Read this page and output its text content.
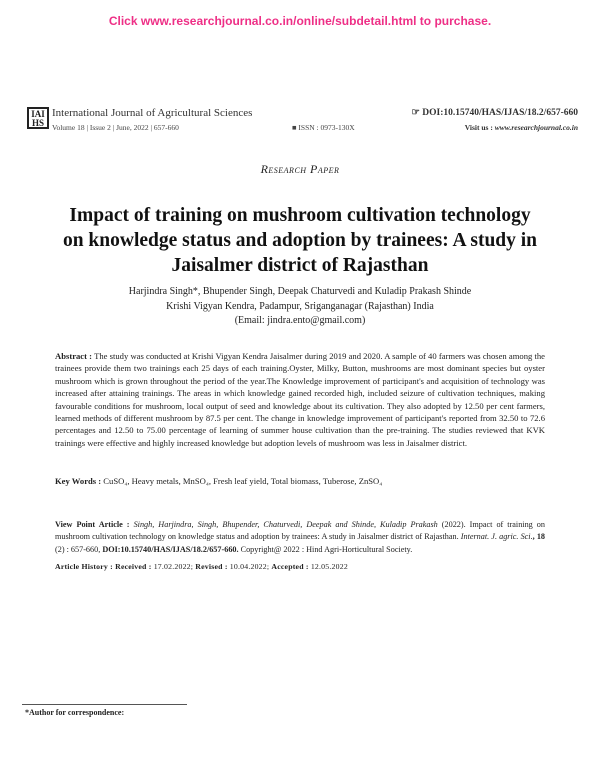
Click www.researchjournal.co.in/online/subdetail.html to purchase.
IAI
HS
International Journal of Agricultural Sciences
Volume 18 | Issue 2 | June, 2022 | 657-660	■ ISSN : 0973-130X
☞ DOI:10.15740/HAS/IJAS/18.2/657-660
Visit us : www.researchjournal.co.in
Research Paper
Impact of training on mushroom cultivation technology on knowledge status and adoption by trainees: A study in Jaisalmer district of Rajasthan
Harjindra Singh*, Bhupender Singh, Deepak Chaturvedi and Kuladip Prakash Shinde
Krishi Vigyan Kendra, Padampur, Sriganganagar (Rajasthan) India
(Email: jindra.ento@gmail.com)
Abstract : The study was conducted at Krishi Vigyan Kendra Jaisalmer during 2019 and 2020. A sample of 40 farmers was chosen among the trainees provide them two trainings each 25 days of each training.Oyster, Milky, Button, mushrooms are most dominant species but oyster mushroom which is grown throughout the period of the year.The Knowledge improvement of participant's and acquisition of technology was increased after attaining trainings. The areas in which knowledge gained recorded high, included seizure of cultivation techniques, making favourable conditions for mushroom, local output of seed and knowledge about its cultivation. They also adopted by 12.50 per cent farmers, learned methods of different mushroom by 87.5 per cent. The change in knowledge improvement of participant's reported from 32.50 to 72.6 percentages and 12.50 to 75.00 percentage of learning of summer house cultivation than the pre-training. The studies reviewed that KVK trainings were effective and highly increased knowledge but adoption levels of mushroom was less in Jaisalmer district.
Key Words : CuSO₄, Heavy metals, MnSO₄, Fresh leaf yield, Total biomass, Tuberose, ZnSO₄
View Point Article : Singh, Harjindra, Singh, Bhupender, Chaturvedi, Deepak and Shinde, Kuladip Prakash (2022). Impact of training on mushroom cultivation technology on knowledge status and adoption by trainees: A study in Jaisalmer district of Rajasthan. Internat. J. agric. Sci., 18 (2) : 657-660, DOI:10.15740/HAS/IJAS/18.2/657-660. Copyright@ 2022 : Hind Agri-Horticultural Society.
Article History : Received : 17.02.2022; Revised : 10.04.2022; Accepted : 12.05.2022
*Author for correspondence:
